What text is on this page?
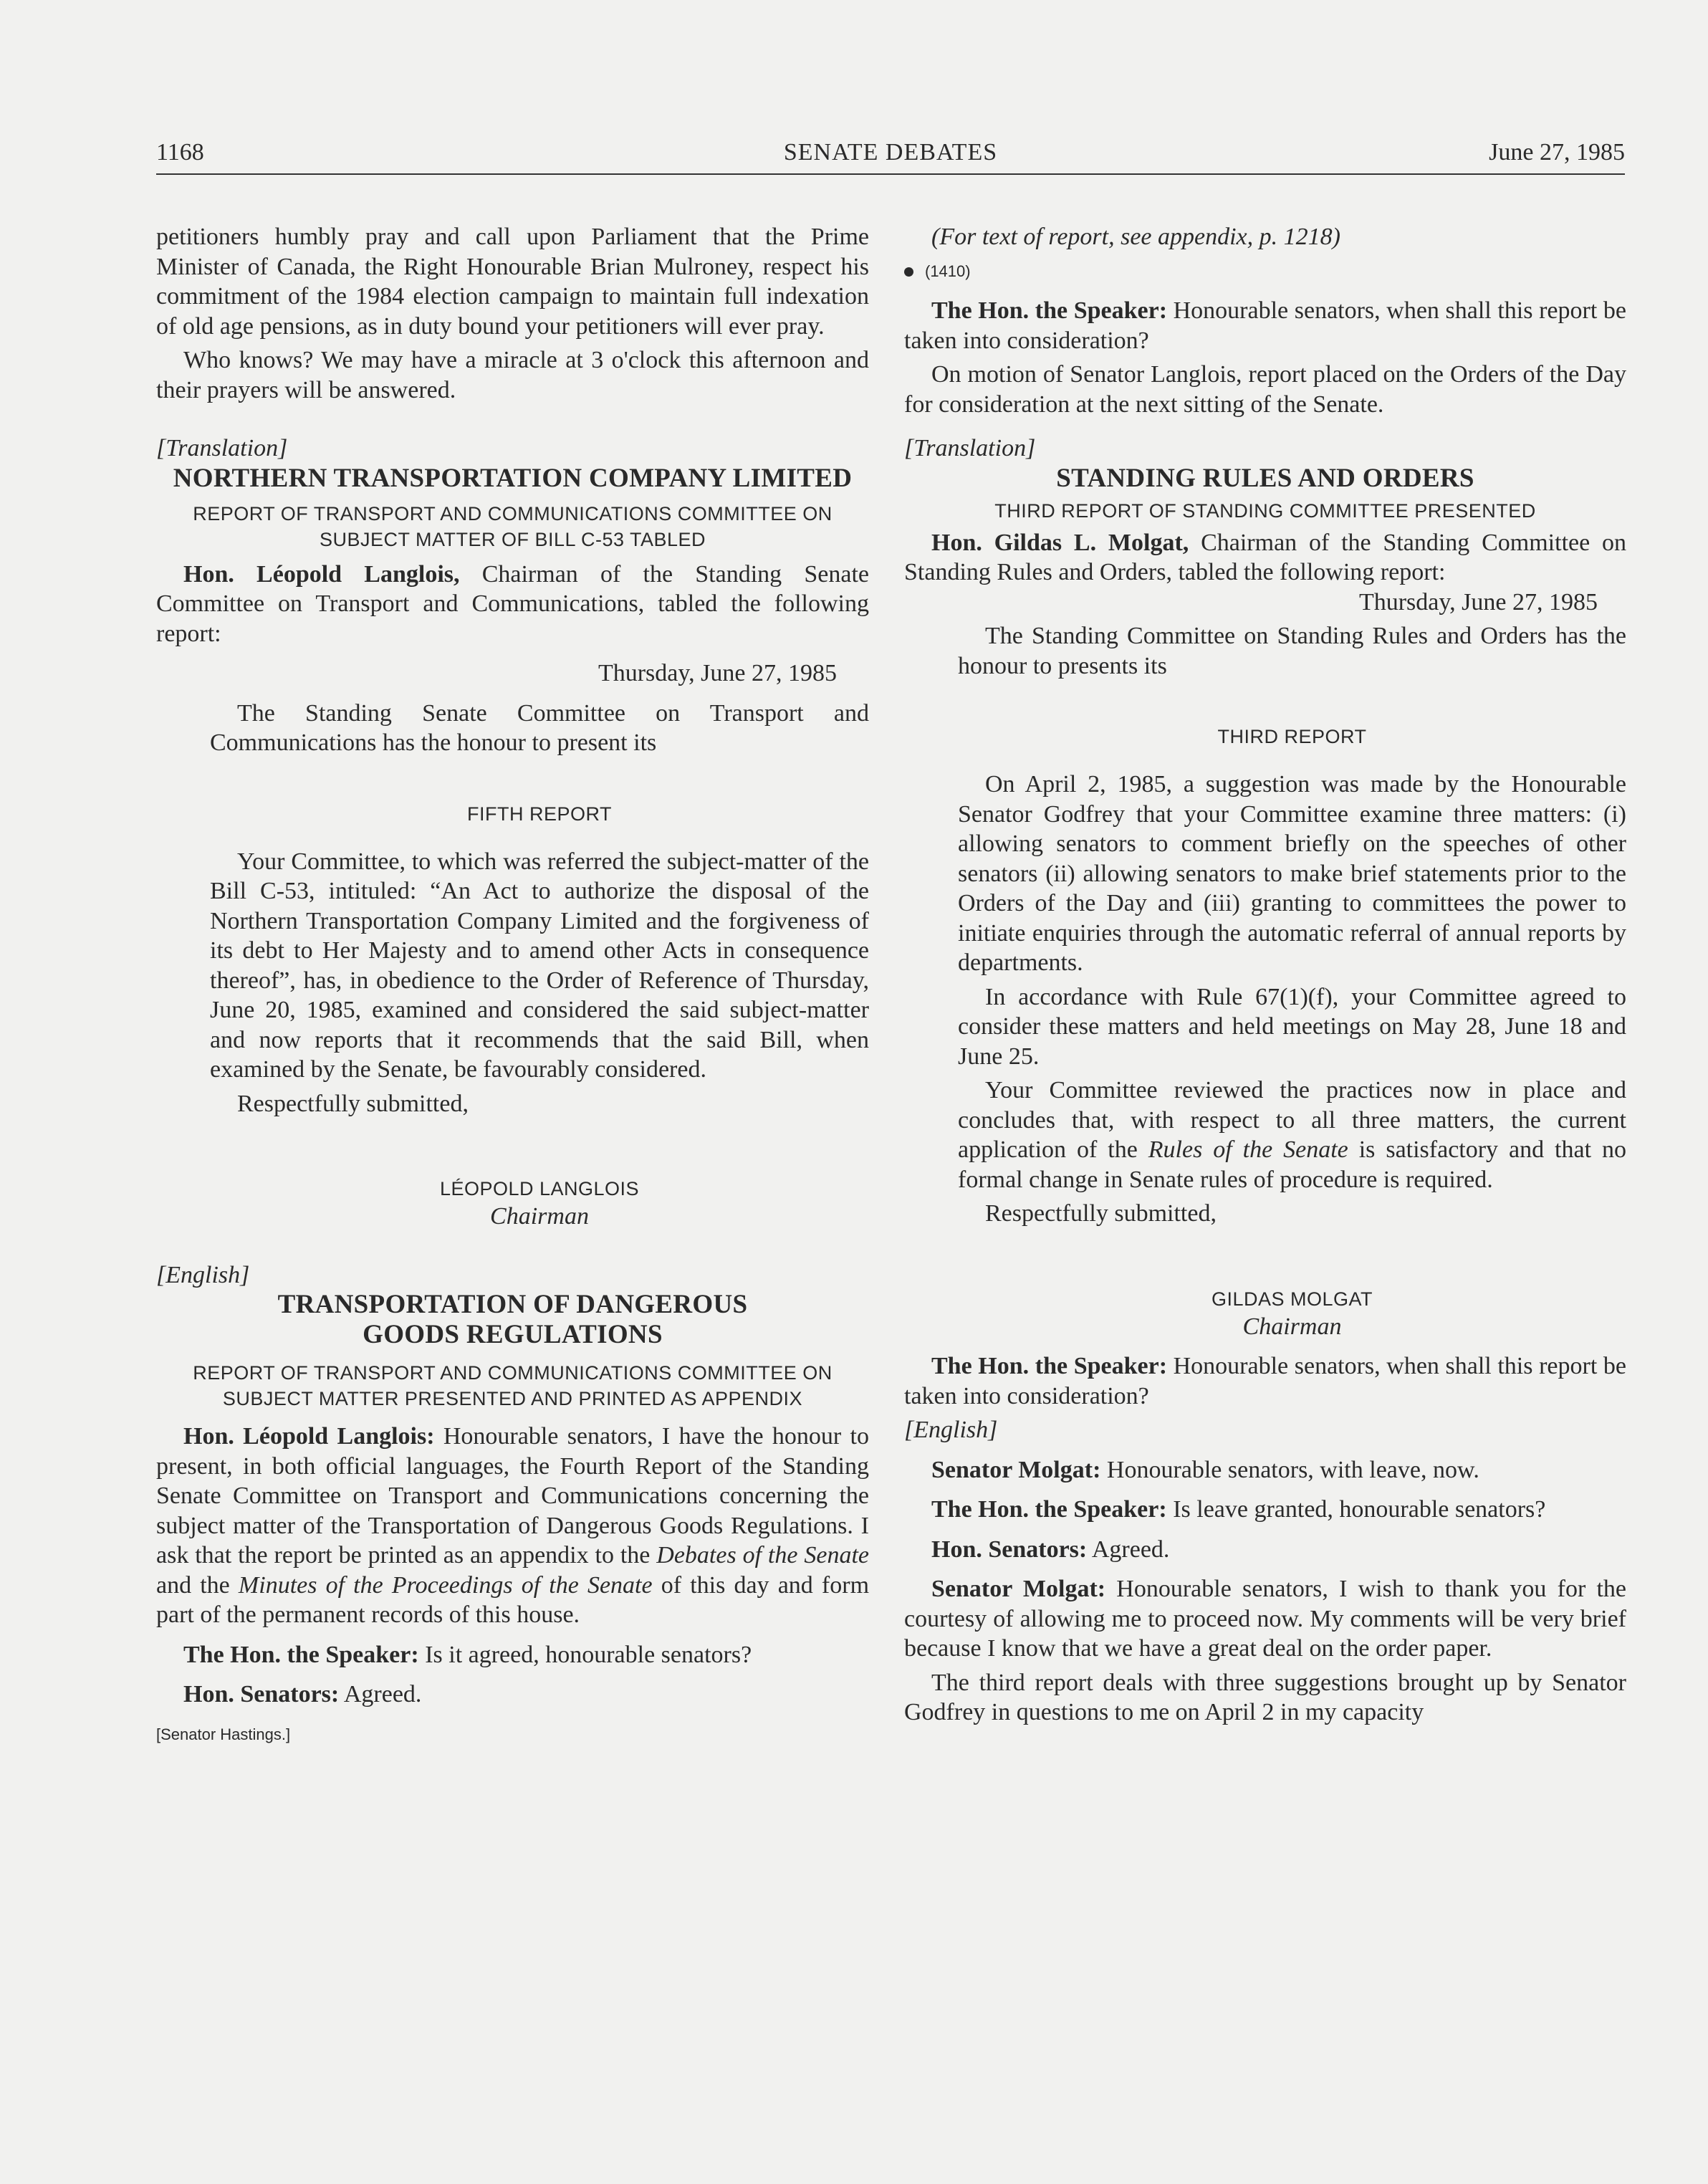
1168	SENATE DEBATES	June 27, 1985

petitioners humbly pray and call upon Parliament that the Prime Minister of Canada, the Right Honourable Brian Mulroney, respect his commitment of the 1984 election campaign to maintain full indexation of old age pensions, as in duty bound your petitioners will ever pray.

Who knows? We may have a miracle at 3 o'clock this afternoon and their prayers will be answered.

[Translation]

NORTHERN TRANSPORTATION COMPANY LIMITED

REPORT OF TRANSPORT AND COMMUNICATIONS COMMITTEE ON SUBJECT MATTER OF BILL C-53 TABLED

Hon. Léopold Langlois, Chairman of the Standing Senate Committee on Transport and Communications, tabled the following report:

Thursday, June 27, 1985

The Standing Senate Committee on Transport and Communications has the honour to present its

FIFTH REPORT

Your Committee, to which was referred the subject-matter of the Bill C-53, intituled: “An Act to authorize the disposal of the Northern Transportation Company Limited and the forgiveness of its debt to Her Majesty and to amend other Acts in consequence thereof”, has, in obedience to the Order of Reference of Thursday, June 20, 1985, examined and considered the said subject-matter and now reports that it recommends that the said Bill, when examined by the Senate, be favourably considered.

Respectfully submitted,

LÉOPOLD LANGLOIS

Chairman

[English]

TRANSPORTATION OF DANGEROUS GOODS REGULATIONS

REPORT OF TRANSPORT AND COMMUNICATIONS COMMITTEE ON SUBJECT MATTER PRESENTED AND PRINTED AS APPENDIX

Hon. Léopold Langlois: Honourable senators, I have the honour to present, in both official languages, the Fourth Report of the Standing Senate Committee on Transport and Communications concerning the subject matter of the Transportation of Dangerous Goods Regulations. I ask that the report be printed as an appendix to the Debates of the Senate and the Minutes of the Proceedings of the Senate of this day and form part of the permanent records of this house.

The Hon. the Speaker: Is it agreed, honourable senators?

Hon. Senators: Agreed.

[Senator Hastings.]

(For text of report, see appendix, p. 1218)

(1410)

The Hon. the Speaker: Honourable senators, when shall this report be taken into consideration?

On motion of Senator Langlois, report placed on the Orders of the Day for consideration at the next sitting of the Senate.

[Translation]

STANDING RULES AND ORDERS

THIRD REPORT OF STANDING COMMITTEE PRESENTED

Hon. Gildas L. Molgat, Chairman of the Standing Committee on Standing Rules and Orders, tabled the following report:

Thursday, June 27, 1985

The Standing Committee on Standing Rules and Orders has the honour to presents its

THIRD REPORT

On April 2, 1985, a suggestion was made by the Honourable Senator Godfrey that your Committee examine three matters: (i) allowing senators to comment briefly on the speeches of other senators (ii) allowing senators to make brief statements prior to the Orders of the Day and (iii) granting to committees the power to initiate enquiries through the automatic referral of annual reports by departments.

In accordance with Rule 67(1)(f), your Committee agreed to consider these matters and held meetings on May 28, June 18 and June 25.

Your Committee reviewed the practices now in place and concludes that, with respect to all three matters, the current application of the Rules of the Senate is satisfactory and that no formal change in Senate rules of procedure is required.

Respectfully submitted,

GILDAS MOLGAT

Chairman

The Hon. the Speaker: Honourable senators, when shall this report be taken into consideration?

[English]

Senator Molgat: Honourable senators, with leave, now.

The Hon. the Speaker: Is leave granted, honourable senators?

Hon. Senators: Agreed.

Senator Molgat: Honourable senators, I wish to thank you for the courtesy of allowing me to proceed now. My comments will be very brief because I know that we have a great deal on the order paper.

The third report deals with three suggestions brought up by Senator Godfrey in questions to me on April 2 in my capacity
